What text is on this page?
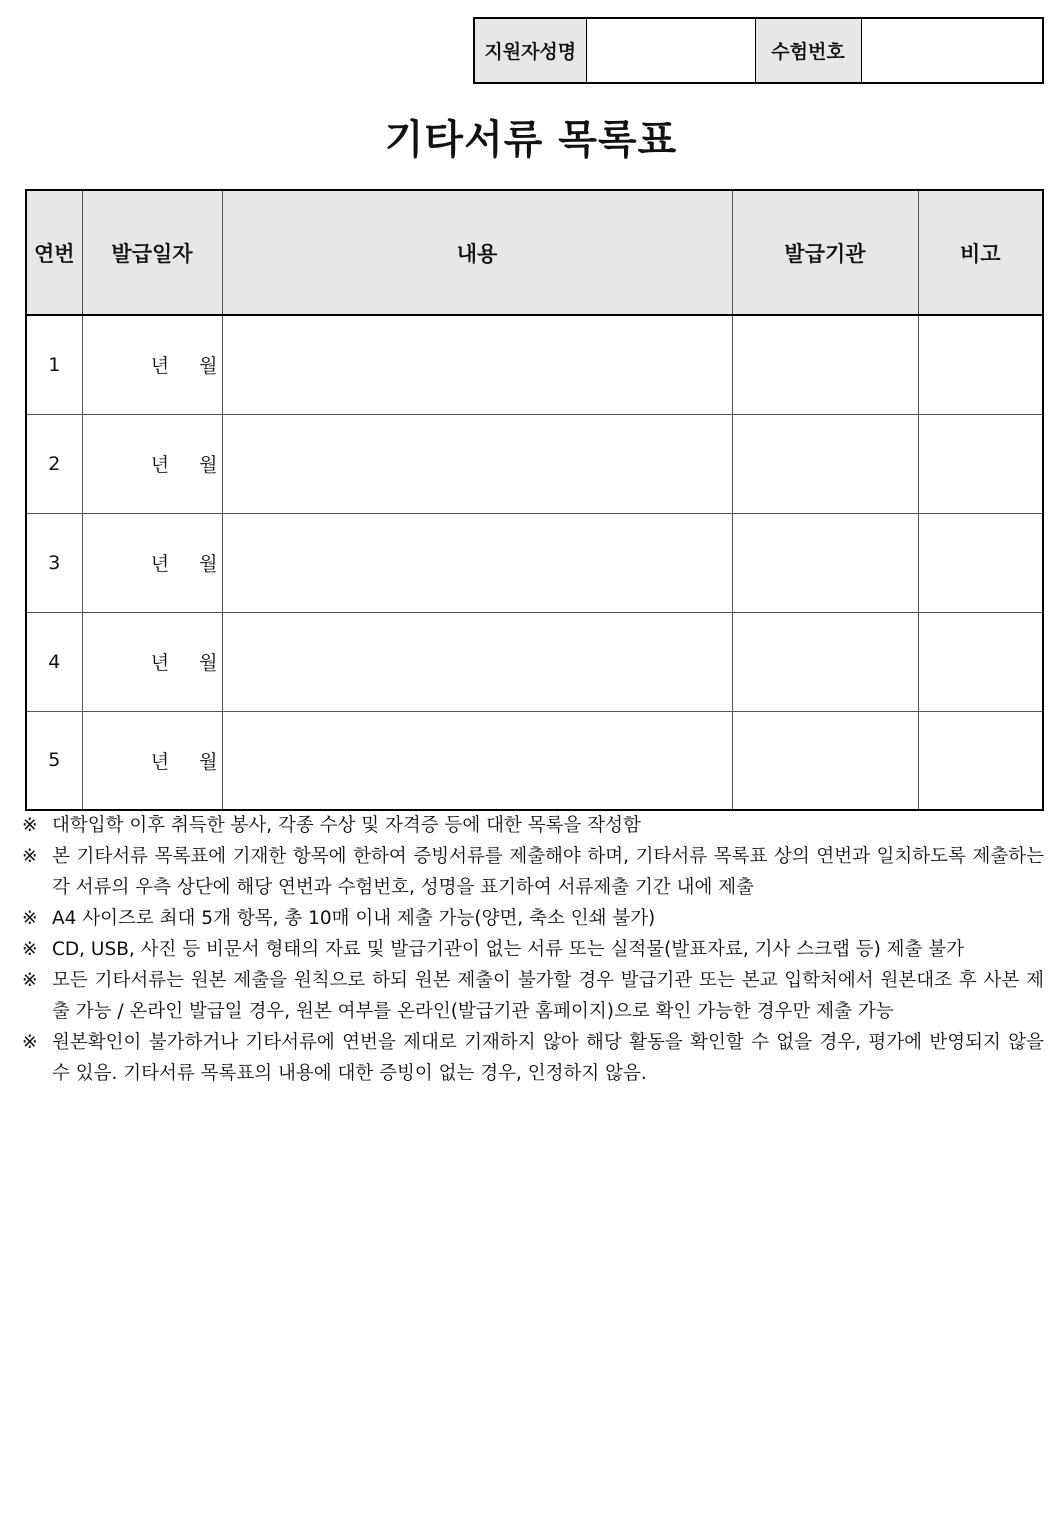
지원자성명		수험번호	
기타서류 목록표
연번	발급일자	내용	발급기관	비고
1	년 월			
2	년 월			
3	년 월			
4	년 월			
5	년 월			
※ 대학입학 이후 취득한 봉사, 각종 수상 및 자격증 등에 대한 목록을 작성함
※ 본 기타서류 목록표에 기재한 항목에 한하여 증빙서류를 제출해야 하며, 기타서류 목록표 상의 연번과 일치하도록 제출하는 각 서류의 우측 상단에 해당 연번과 수험번호, 성명을 표기하여 서류제출 기간 내에 제출
※ A4 사이즈로 최대 5개 항목, 총 10매 이내 제출 가능(양면, 축소 인쇄 불가)
※ CD, USB, 사진 등 비문서 형태의 자료 및 발급기관이 없는 서류 또는 실적물(발표자료, 기사 스크랩 등) 제출 불가
※ 모든 기타서류는 원본 제출을 원칙으로 하되 원본 제출이 불가할 경우 발급기관 또는 본교 입학처에서 원본대조 후 사본 제출 가능 / 온라인 발급일 경우, 원본 여부를 온라인(발급기관 홈페이지)으로 확인 가능한 경우만 제출 가능
※ 원본확인이 불가하거나 기타서류에 연번을 제대로 기재하지 않아 해당 활동을 확인할 수 없을 경우, 평가에 반영되지 않을 수 있음. 기타서류 목록표의 내용에 대한 증빙이 없는 경우, 인정하지 않음.
